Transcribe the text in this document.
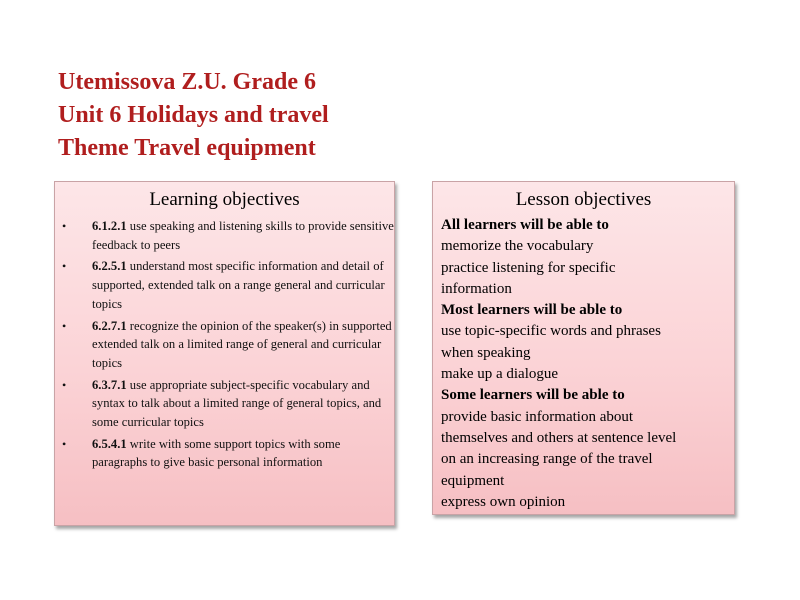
Utemissova Z.U. Grade 6
Unit 6 Holidays and travel
Theme Travel equipment
Learning objectives
• 6.1.2.1 use speaking and listening skills to provide sensitive feedback to peers
• 6.2.5.1 understand most specific information and detail of supported, extended talk on a range general and curricular topics
• 6.2.7.1 recognize the opinion of the speaker(s) in supported extended talk on a limited range of general and curricular topics
• 6.3.7.1 use appropriate subject-specific vocabulary and syntax to talk about a limited range of general topics, and some curricular topics
• 6.5.4.1 write with some support topics with some paragraphs to give basic personal information
Lesson objectives
All learners will be able to
memorize the vocabulary
practice listening for specific
information
Most learners will be able to
use topic-specific words and phrases
when speaking
make up a dialogue
Some learners will be able to
provide basic information about
themselves and others at sentence level
on an increasing range of the travel
equipment
express own opinion
